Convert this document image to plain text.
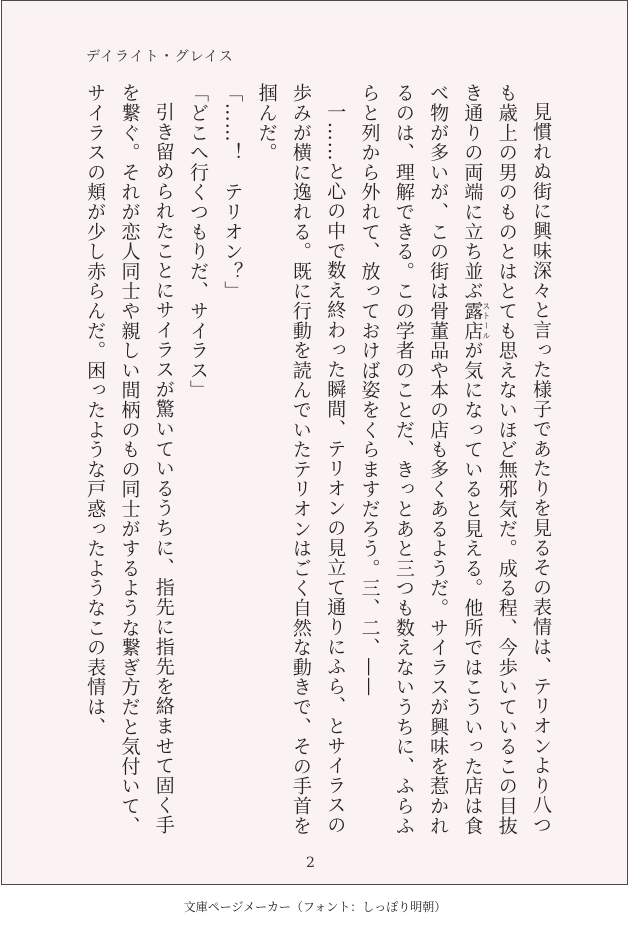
デイライト・グレイス

見慣れぬ街に興味深々と言った様子であたりを見るその表情は、テリオンより八つも歳上の男のものとはとても思えないほど無邪気だ。成る程、今歩いているこの目抜き通りの両端に立ち並ぶ露店ストールが気になっていると見える。他所ではこういった店は食べ物が多いが、この街は骨董品や本の店も多くあるようだ。サイラスが興味を惹かれるのは、理解できる。この学者のことだ、きっとあと三つも数えないうちに、ふらふらと列から外れて、放っておけば姿をくらますだろう。三、二、——

一……と心の中で数え終わった瞬間、テリオンの見立て通りにふら、とサイラスの歩みが横に逸れる。既に行動を読んでいたテリオンはごく自然な動きで、その手首を掴んだ。

「……！　テリオン？」

「どこへ行くつもりだ、サイラス」

引き留められたことにサイラスが驚いているうちに、指先に指先を絡ませて固く手を繋ぐ。それが恋人同士や親しい間柄のもの同士がするような繋ぎ方だと気付いて、サイラスの頬が少し赤らんだ。困ったような戸惑ったようなこの表情は、

2
文庫ページメーカー（フォント：しっぽり明朝）
